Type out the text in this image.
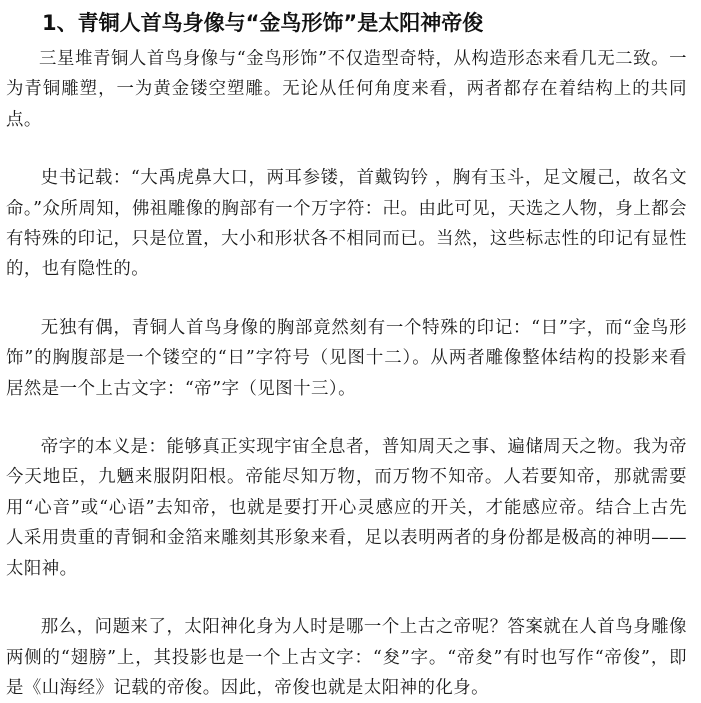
1、青铜人首鸟身像与“金鸟形饰”是太阳神帝俊

三星堆青铜人首鸟身像与“金鸟形饰”不仅造型奇特，从构造形态来看几无二致。一为青铜雕塑，一为黄金镂空塑雕。无论从任何角度来看，两者都存在着结构上的共同点。

史书记载：“大禹虎鼻大口，两耳参镂，首戴钩钤 ，胸有玉斗，足文履己，故名文命。”众所周知，佛祖雕像的胸部有一个万字符：卍。由此可见，天选之人物，身上都会有特殊的印记，只是位置，大小和形状各不相同而已。当然，这些标志性的印记有显性的，也有隐性的。

无独有偶，青铜人首鸟身像的胸部竟然刻有一个特殊的印记：“日”字，而“金鸟形饰”的胸腹部是一个镂空的“日”字符号（见图十二）。从两者雕像整体结构的投影来看居然是一个上古文字：“帝”字（见图十三）。

帝字的本义是：能够真正实现宇宙全息者，普知周天之事、遍储周天之物。我为帝今天地臣，九魉来服阴阳根。帝能尽知万物，而万物不知帝。人若要知帝，那就需要用“心音”或“心语”去知帝，也就是要打开心灵感应的开关，才能感应帝。结合上古先人采用贵重的青铜和金箔来雕刻其形象来看，足以表明两者的身份都是极高的神明——太阳神。

那么，问题来了，太阳神化身为人时是哪一个上古之帝呢？答案就在人首鸟身雕像两侧的“翅膀”上，其投影也是一个上古文字：“夋”字。“帝夋”有时也写作“帝俊”，即是《山海经》记载的帝俊。因此，帝俊也就是太阳神的化身。
